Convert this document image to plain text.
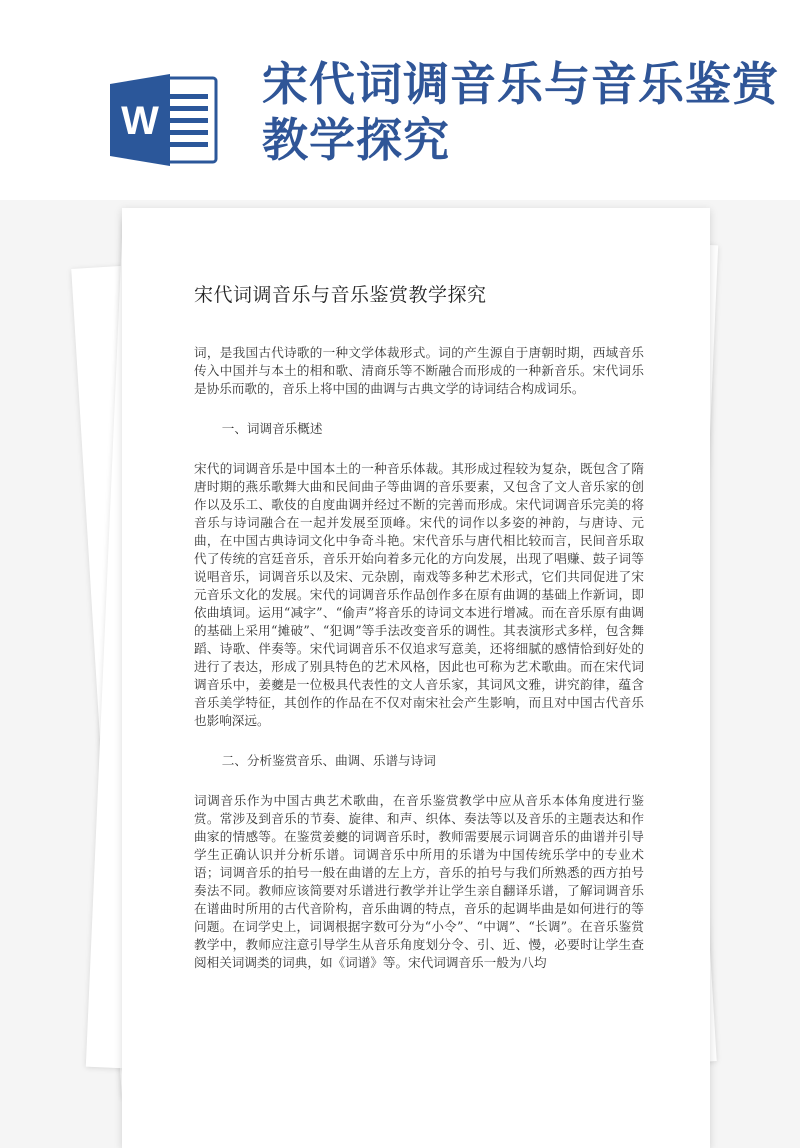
W
宋代词调音乐与音乐鉴赏教学探究
宋代词调音乐与音乐鉴赏教学探究

词，是我国古代诗歌的一种文学体裁形式。词的产生源自于唐朝时期，西域音乐传入中国并与本土的相和歌、清商乐等不断融合而形成的一种新音乐。宋代词乐是协乐而歌的，音乐上将中国的曲调与古典文学的诗词结合构成词乐。

一、词调音乐概述

宋代的词调音乐是中国本土的一种音乐体裁。其形成过程较为复杂，既包含了隋唐时期的燕乐歌舞大曲和民间曲子等曲调的音乐要素，又包含了文人音乐家的创作以及乐工、歌伎的自度曲调并经过不断的完善而形成。宋代词调音乐完美的将音乐与诗词融合在一起并发展至顶峰。宋代的词作以多姿的神韵，与唐诗、元曲，在中国古典诗词文化中争奇斗艳。宋代音乐与唐代相比较而言，民间音乐取代了传统的宫廷音乐，音乐开始向着多元化的方向发展，出现了唱赚、鼓子词等说唱音乐，词调音乐以及宋、元杂剧，南戏等多种艺术形式，它们共同促进了宋元音乐文化的发展。宋代的词调音乐作品创作多在原有曲调的基础上作新词，即依曲填词。运用“减字”、“偷声”将音乐的诗词文本进行增减。而在音乐原有曲调的基础上采用“摊破”、“犯调”等手法改变音乐的调性。其表演形式多样，包含舞蹈、诗歌、伴奏等。宋代词调音乐不仅追求写意美，还将细腻的感情恰到好处的进行了表达，形成了别具特色的艺术风格，因此也可称为艺术歌曲。而在宋代词调音乐中，姜夔是一位极具代表性的文人音乐家，其词风文雅，讲究韵律，蕴含音乐美学特征，其创作的作品在不仅对南宋社会产生影响，而且对中国古代音乐也影响深远。

二、分析鉴赏音乐、曲调、乐谱与诗词

词调音乐作为中国古典艺术歌曲，在音乐鉴赏教学中应从音乐本体角度进行鉴赏。常涉及到音乐的节奏、旋律、和声、织体、奏法等以及音乐的主题表达和作曲家的情感等。在鉴赏姜夔的词调音乐时，教师需要展示词调音乐的曲谱并引导学生正确认识并分析乐谱。词调音乐中所用的乐谱为中国传统乐学中的专业术语；词调音乐的拍号一般在曲谱的左上方，音乐的拍号与我们所熟悉的西方拍号奏法不同。教师应该简要对乐谱进行教学并让学生亲自翻译乐谱，了解词调音乐在谱曲时所用的古代音阶构，音乐曲调的特点，音乐的起调毕曲是如何进行的等问题。在词学史上，词调根据字数可分为“小令”、“中调”、“长调”。在音乐鉴赏教学中，教师应注意引导学生从音乐角度划分令、引、近、慢，必要时让学生查阅相关词调类的词典，如《词谱》等。宋代词调音乐一般为八均
